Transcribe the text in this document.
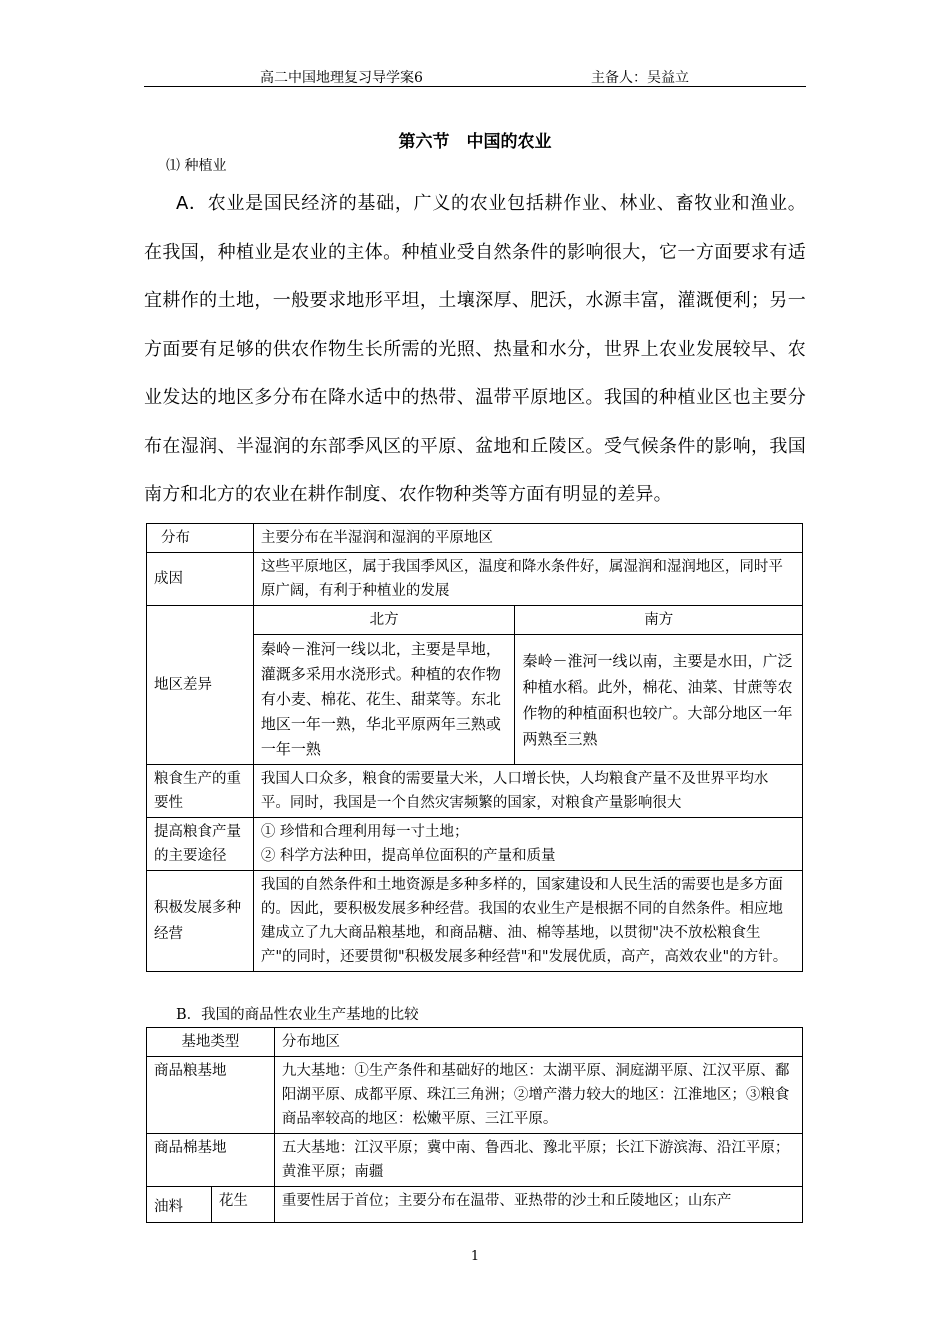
高二中国地理复习导学案6	主备人：吴益立
第六节　中国的农业
⑴ 种植业
A．农业是国民经济的基础，广义的农业包括耕作业、林业、畜牧业和渔业。在我国，种植业是农业的主体。种植业受自然条件的影响很大，它一方面要求有适宜耕作的土地，一般要求地形平坦，土壤深厚、肥沃，水源丰富，灌溉便利；另一方面要有足够的供农作物生长所需的光照、热量和水分，世界上农业发展较早、农业发达的地区多分布在降水适中的热带、温带平原地区。我国的种植业区也主要分布在湿润、半湿润的东部季风区的平原、盆地和丘陵区。受气候条件的影响，我国南方和北方的农业在耕作制度、农作物种类等方面有明显的差异。
分布	主要分布在半湿润和湿润的平原地区	
成因	这些平原地区，属于我国季风区，温度和降水条件好，属湿润和湿润地区，同时平原广阔，有利于种植业的发展	
地区差异	北方	南方
	秦岭－淮河一线以北，主要是旱地，灌溉多采用水浇形式。种植的农作物有小麦、棉花、花生、甜菜等。东北地区一年一熟，华北平原两年三熟或一年一熟	秦岭－淮河一线以南，主要是水田，广泛种植水稻。此外，棉花、油菜、甘蔗等农作物的种植面积也较广。大部分地区一年两熟至三熟
粮食生产的重要性	我国人口众多，粮食的需要量大米，人口增长快，人均粮食产量不及世界平均水平。同时，我国是一个自然灾害频繁的国家，对粮食产量影响很大	
提高粮食产量的主要途径	① 珍惜和合理利用每一寸土地；
② 科学方法种田，提高单位面积的产量和质量	

积极发展多种经营	我国的自然条件和土地资源是多种多样的，国家建设和人民生活的需要也是多方面的。因此，要积极发展多种经营。我国的农业生产是根据不同的自然条件。相应地建成立了九大商品粮基地，和商品糖、油、棉等基地，以贯彻"决不放松粮食生产"的同时，还要贯彻"积极发展多种经营"和"发展优质，高产，高效农业"的方针。	
B．我国的商品性农业生产基地的比较
基地类型		分布地区
商品粮基地		九大基地：①生产条件和基础好的地区：太湖平原、洞庭湖平原、江汉平原、鄱阳湖平原、成都平原、珠江三角洲；②增产潜力较大的地区：江淮地区；③粮食商品率较高的地区：松嫩平原、三江平原。
商品棉基地		五大基地：江汉平原；冀中南、鲁西北、豫北平原；长江下游滨海、沿江平原；黄淮平原；南疆
油料	花生	重要性居于首位；主要分布在温带、亚热带的沙土和丘陵地区；山东产
1
